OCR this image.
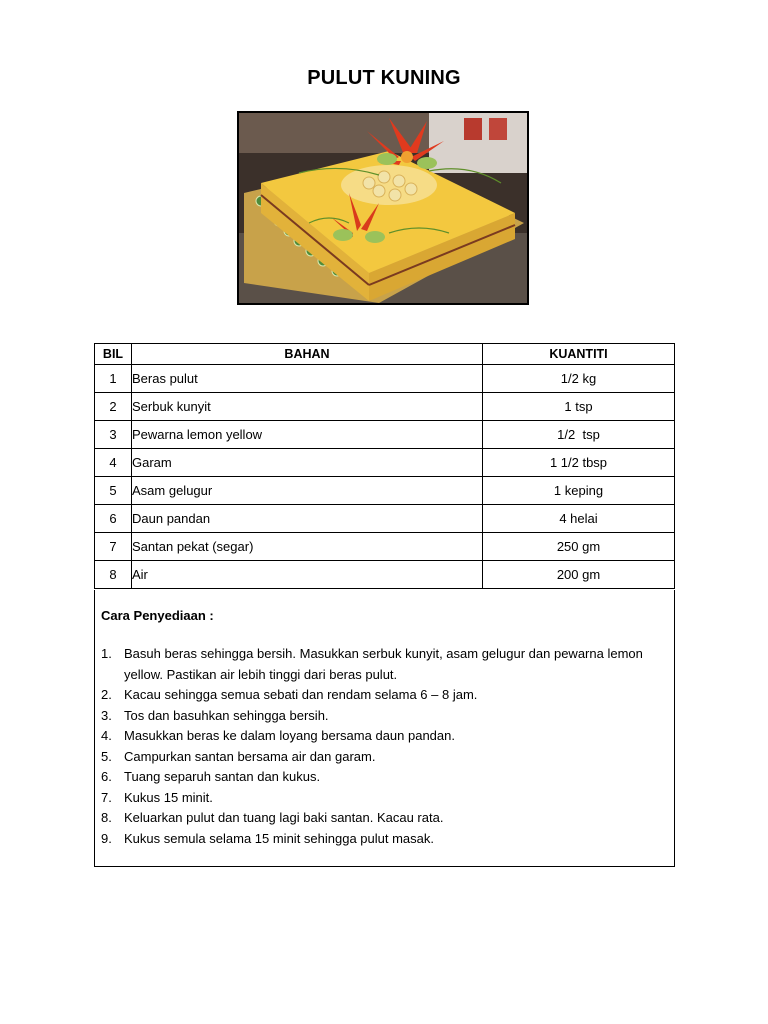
PULUT KUNING
BIL	BAHAN	KUANTITI
1	Beras pulut	1/2 kg
2	Serbuk kunyit	1 tsp
3	Pewarna lemon yellow	1/2  tsp
4	Garam	1 1/2 tbsp
5	Asam gelugur	1 keping
6	Daun pandan	4 helai
7	Santan pekat (segar)	250 gm
8	Air	200 gm
Cara Penyediaan :
1. Basuh beras sehingga bersih. Masukkan serbuk kunyit, asam gelugur dan pewarna lemon yellow. Pastikan air lebih tinggi dari beras pulut.
2. Kacau sehingga semua sebati dan rendam selama 6 – 8 jam.
3. Tos dan basuhkan sehingga bersih.
4. Masukkan beras ke dalam loyang bersama daun pandan.
5. Campurkan santan bersama air dan garam.
6. Tuang separuh santan dan kukus.
7. Kukus 15 minit.
8. Keluarkan pulut dan tuang lagi baki santan. Kacau rata.
9. Kukus semula selama 15 minit sehingga pulut masak.
